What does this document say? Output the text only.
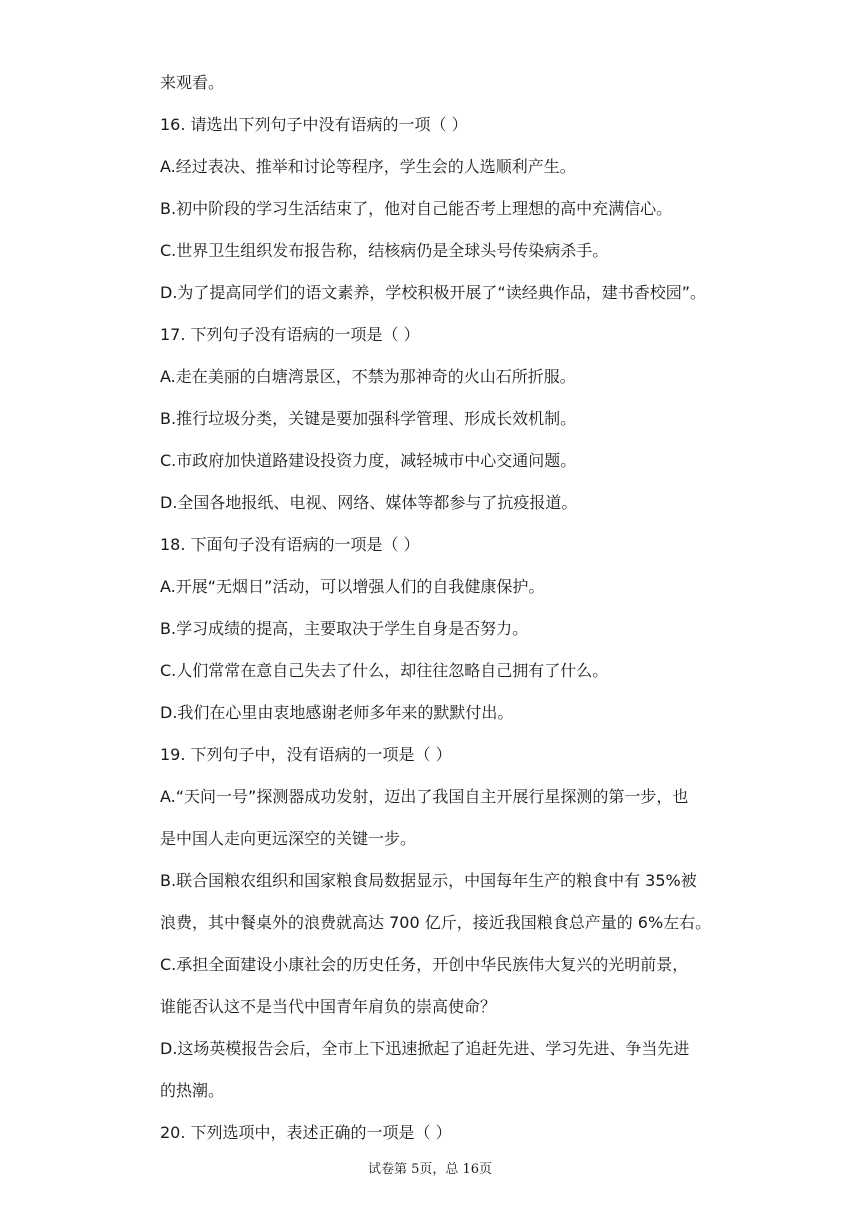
来观看。
16. 请选出下列句子中没有语病的一项（ ）
A.经过表决、推举和讨论等程序，学生会的人选顺利产生。
B.初中阶段的学习生活结束了，他对自己能否考上理想的高中充满信心。
C.世界卫生组织发布报告称，结核病仍是全球头号传染病杀手。
D.为了提高同学们的语文素养，学校积极开展了“读经典作品，建书香校园”。
17. 下列句子没有语病的一项是（ ）
A.走在美丽的白塘湾景区，不禁为那神奇的火山石所折服。
B.推行垃圾分类，关键是要加强科学管理、形成长效机制。
C.市政府加快道路建设投资力度，减轻城市中心交通问题。
D.全国各地报纸、电视、网络、媒体等都参与了抗疫报道。
18. 下面句子没有语病的一项是（ ）
A.开展“无烟日”活动，可以增强人们的自我健康保护。
B.学习成绩的提高，主要取决于学生自身是否努力。
C.人们常常在意自己失去了什么，却往往忽略自己拥有了什么。
D.我们在心里由衷地感谢老师多年来的默默付出。
19. 下列句子中，没有语病的一项是（ ）
A.“天问一号”探测器成功发射，迈出了我国自主开展行星探测的第一步，也
是中国人走向更远深空的关键一步。
B.联合国粮农组织和国家粮食局数据显示，中国每年生产的粮食中有 35%被
浪费，其中餐桌外的浪费就高达 700 亿斤，接近我国粮食总产量的 6%左右。
C.承担全面建设小康社会的历史任务，开创中华民族伟大复兴的光明前景，
谁能否认这不是当代中国青年肩负的崇高使命？
D.这场英模报告会后，全市上下迅速掀起了追赶先进、学习先进、争当先进
的热潮。
20. 下列选项中，表述正确的一项是（ ）
试卷第 5页，总 16页
